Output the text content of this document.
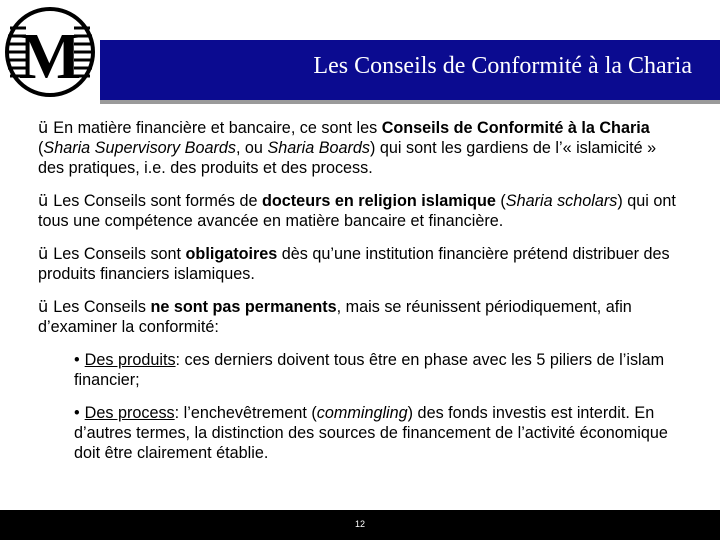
M	Les Conseils de Conformité à la Charia

ü En matière financière et bancaire, ce sont les Conseils de Conformité à la Charia (Sharia Supervisory Boards, ou Sharia Boards) qui sont les gardiens de l’« islamicité » des pratiques, i.e. des produits et des process.

ü Les Conseils sont formés de docteurs en religion islamique (Sharia scholars) qui ont tous une compétence avancée en matière bancaire et financière.

ü Les Conseils sont obligatoires dès qu’une institution financière prétend distribuer des produits financiers islamiques.

ü Les Conseils ne sont pas permanents, mais se réunissent périodiquement, afin d’examiner la conformité:

• Des produits: ces derniers doivent tous être en phase avec les 5 piliers de l’islam financier;

• Des process: l’enchevêtrement (commingling) des fonds investis est interdit. En d’autres termes, la distinction des sources de financement de l’activité économique doit être clairement établie.

12
